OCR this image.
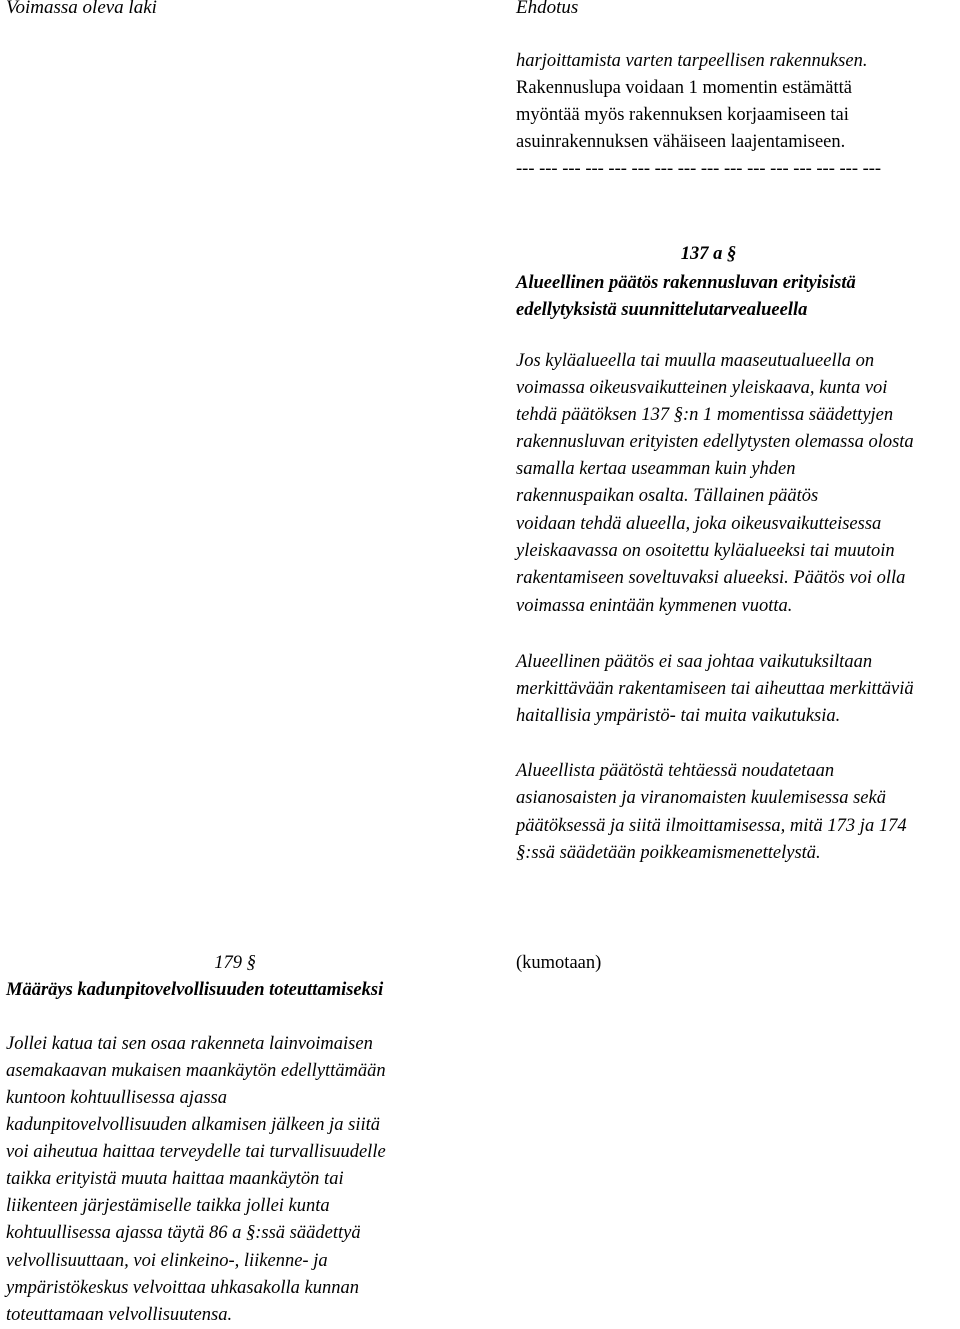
Voimassa oleva laki	Ehdotus
harjoittamista varten tarpeellisen rakennuksen.
Rakennuslupa voidaan 1 momentin estämättä
myöntää myös rakennuksen korjaamiseen tai
asuinrakennuksen vähäiseen laajentamiseen.
--- --- --- --- --- --- --- --- --- --- --- --- --- --- --- ---
137 a §
Alueellinen päätös rakennusluvan erityisistä
edellytyksistä suunnittelutarvealueella
Jos kyläalueella tai muulla maaseutualueella on
voimassa oikeusvaikutteinen yleiskaava, kunta voi
tehdä päätöksen 137 §:n 1 momentissa säädettyjen
rakennusluvan erityisten edellytysten olemassa olosta
samalla kertaa useamman kuin yhden
rakennuspaikan osalta. Tällainen päätös
voidaan tehdä alueella, joka oikeusvaikutteisessa
yleiskaavassa on osoitettu kyläalueeksi tai muutoin
rakentamiseen soveltuvaksi alueeksi. Päätös voi olla
voimassa enintään kymmenen vuotta.
Alueellinen päätös ei saa johtaa vaikutuksiltaan
merkittävään rakentamiseen tai aiheuttaa merkittäviä
haitallisia ympäristö- tai muita vaikutuksia.
Alueellista päätöstä tehtäessä noudatetaan
asianosaisten ja viranomaisten kuulemisessa sekä
päätöksessä ja siitä ilmoittamisessa, mitä 173 ja 174
§:ssä säädetään poikkeamismenettelystä.
179 §
Määräys kadunpitovelvollisuuden toteuttamiseksi
(kumotaan)
Jollei katua tai sen osaa rakenneta lainvoimaisen
asemakaavan mukaisen maankäytön edellyttämään
kuntoon kohtuullisessa ajassa
kadunpitovelvollisuuden alkamisen jälkeen ja siitä
voi aiheutua haittaa terveydelle tai turvallisuudelle
taikka erityistä muuta haittaa maankäytön tai
liikenteen järjestämiselle taikka jollei kunta
kohtuullisessa ajassa täytä 86 a §:ssä säädettyä
velvollisuuttaan, voi elinkeino-, liikenne- ja
ympäristökeskus velvoittaa uhkasakolla kunnan
toteuttamaan velvollisuutensa.
